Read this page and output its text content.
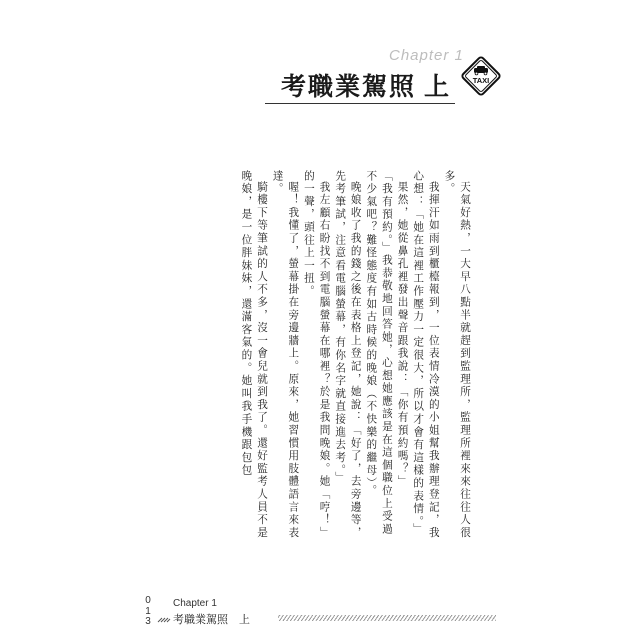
Chapter 1
考職業駕照 上	TAXI

天氣好熱，一大早八點半就趕到監理所，監理所裡來來往往人很多。

我揮汗如雨到櫃檯報到，一位表情冷漠的小姐幫我辦理登記，我心想：「她在這裡工作壓力一定很大，所以才會有這樣的表情。」

果然，她從鼻孔裡發出聲音跟我說：「你有預約嗎？」

「我有預約。」我恭敬地回答她，心想她應該是在這個職位上受過不少氣吧？難怪態度有如古時候的晚娘（不快樂的繼母）。

晚娘收了我的錢之後在表格上登記，她說：「好了，去旁邊等，先考筆試，注意看電腦螢幕，有你名字就直接進去考。」

我左顧右盼找不到電腦螢幕在哪裡？於是我問晚娘。她「哼！」的一聲，頭往上一扭。

喔！我懂了，螢幕掛在旁邊牆上。原來，她習慣用肢體語言來表達。

騎樓下等筆試的人不多，沒一會兒就到我了。還好監考人員不是晚娘，是一位胖妹妹，還滿客氣的。她叫我手機跟包包

0
1
3
Chapter 1
考職業駕照　上
